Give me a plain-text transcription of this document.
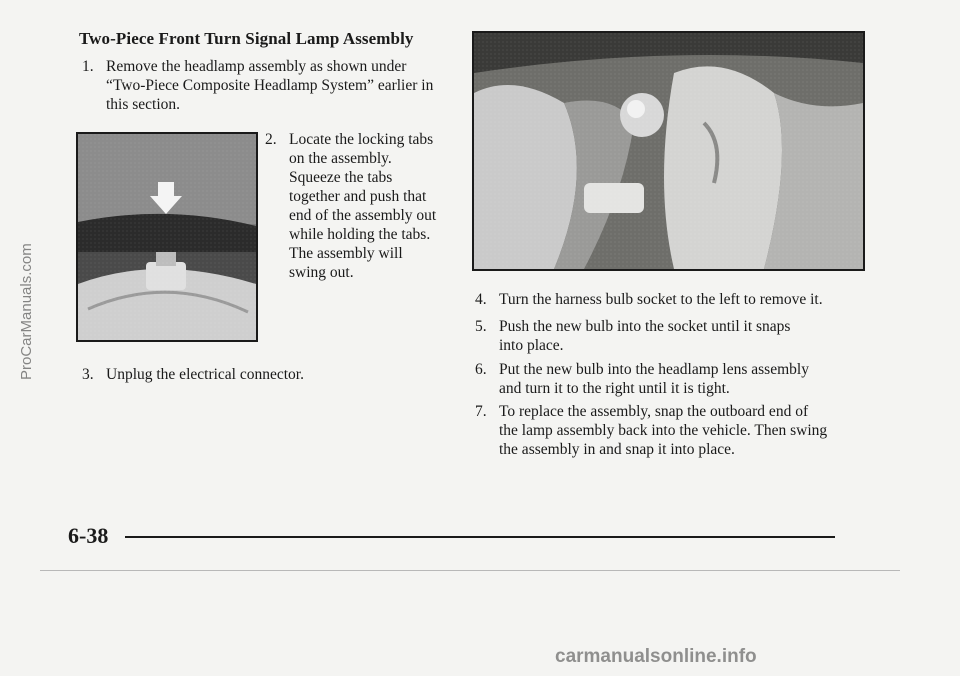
Two-Piece Front Turn Signal Lamp Assembly
1. Remove the headlamp assembly as shown under
“Two-Piece Composite Headlamp System” earlier in
this section.
2. Locate the locking tabs
on the assembly.
Squeeze the tabs
together and push that
end of the assembly out
while holding the tabs.
The assembly will
swing out.
3. Unplug the electrical connector.
4. Turn the harness bulb socket to the left to remove it.
5. Push the new bulb into the socket until it snaps
into place.
6. Put the new bulb into the headlamp lens assembly
and turn it to the right until it is tight.
7. To replace the assembly, snap the outboard end of
the lamp assembly back into the vehicle. Then swing
the assembly in and snap it into place.
6-38
ProCarManuals.com
carmanualsonline.info
